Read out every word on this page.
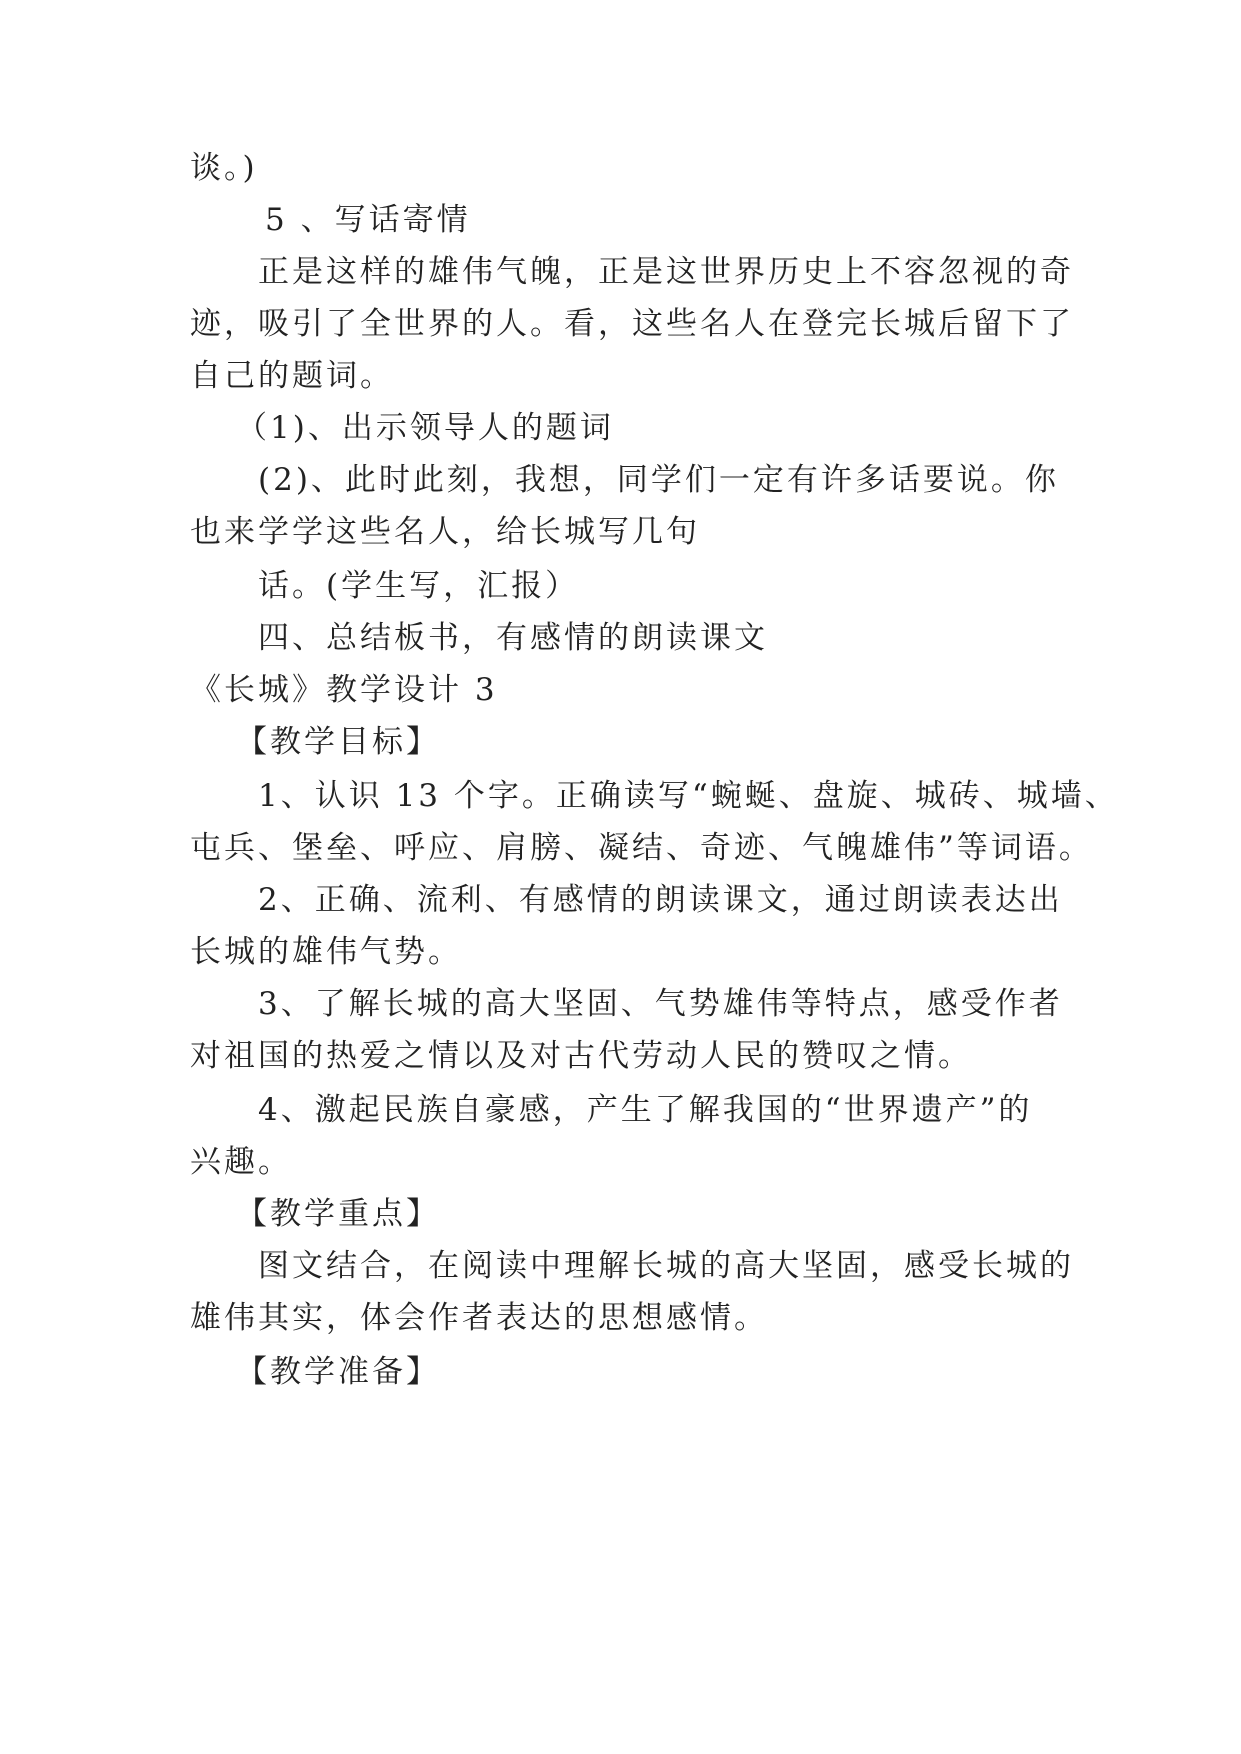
谈。)
5 、写话寄情
正是这样的雄伟气魄，正是这世界历史上不容忽视的奇
迹，吸引了全世界的人。看，这些名人在登完长城后留下了
自己的题词。
（1)、出示领导人的题词
(2)、此时此刻，我想，同学们一定有许多话要说。你
也来学学这些名人，给长城写几句
话。(学生写，汇报）
四、总结板书，有感情的朗读课文
《长城》教学设计 3
【教学目标】
1、认识 13 个字。正确读写“蜿蜒、盘旋、城砖、城墙、
屯兵、堡垒、呼应、肩膀、凝结、奇迹、气魄雄伟”等词语。
2、正确、流利、有感情的朗读课文，通过朗读表达出
长城的雄伟气势。
3、了解长城的高大坚固、气势雄伟等特点，感受作者
对祖国的热爱之情以及对古代劳动人民的赞叹之情。
4、激起民族自豪感，产生了解我国的“世界遗产”的
兴趣。
【教学重点】
图文结合，在阅读中理解长城的高大坚固，感受长城的
雄伟其实，体会作者表达的思想感情。
【教学准备】
